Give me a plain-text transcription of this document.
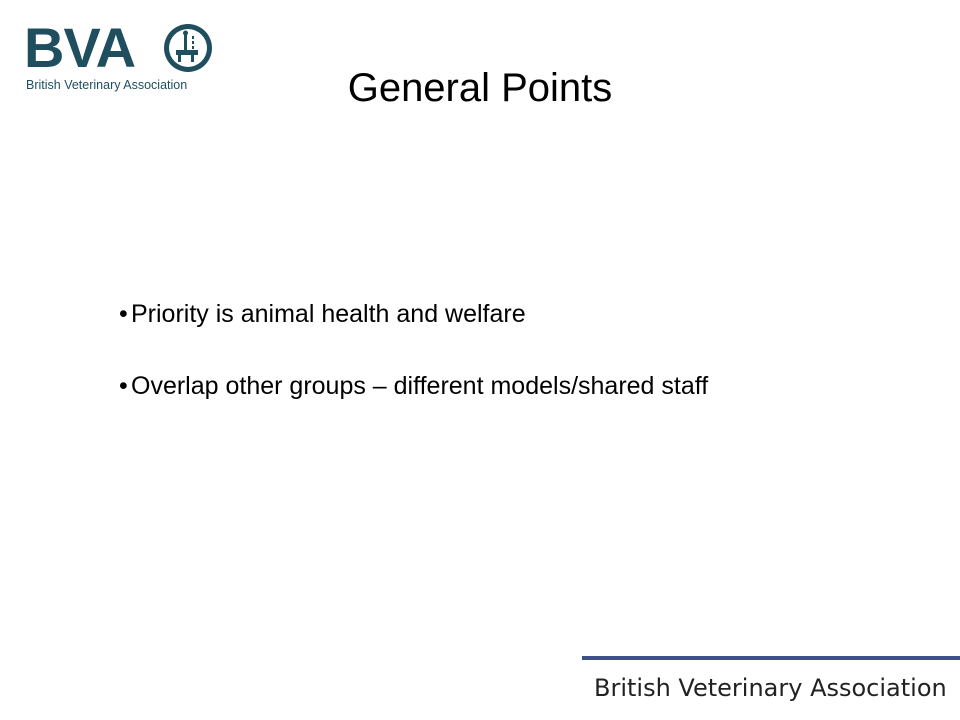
BVA
British Veterinary Association	General Points
• Priority is animal health and welfare
• Overlap other groups – different models/shared staff
British Veterinary Association
